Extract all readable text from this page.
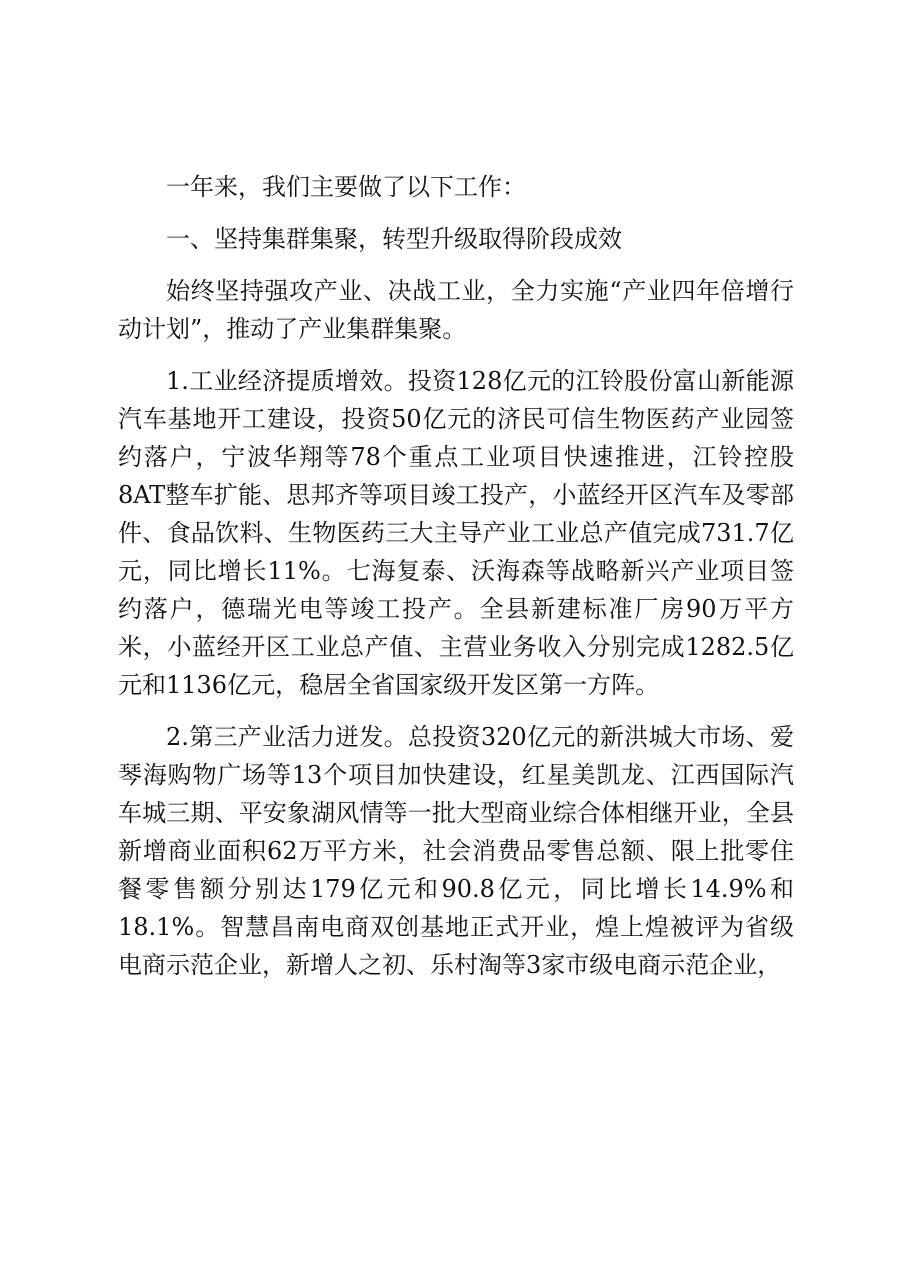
一年来，我们主要做了以下工作：

一、坚持集群集聚，转型升级取得阶段成效

始终坚持强攻产业、决战工业，全力实施“产业四年倍增行动计划”，推动了产业集群集聚。

1.工业经济提质增效。投资128亿元的江铃股份富山新能源汽车基地开工建设，投资50亿元的济民可信生物医药产业园签约落户，宁波华翔等78个重点工业项目快速推进，江铃控股8AT整车扩能、思邦齐等项目竣工投产，小蓝经开区汽车及零部件、食品饮料、生物医药三大主导产业工业总产值完成731.7亿元，同比增长11%。七海复泰、沃海森等战略新兴产业项目签约落户，德瑞光电等竣工投产。全县新建标准厂房90万平方米，小蓝经开区工业总产值、主营业务收入分别完成1282.5亿元和1136亿元，稳居全省国家级开发区第一方阵。

2.第三产业活力迸发。总投资320亿元的新洪城大市场、爱琴海购物广场等13个项目加快建设，红星美凯龙、江西国际汽车城三期、平安象湖风情等一批大型商业综合体相继开业，全县新增商业面积62万平方米，社会消费品零售总额、限上批零住餐零售额分别达179亿元和90.8亿元，同比增长14.9%和18.1%。智慧昌南电商双创基地正式开业，煌上煌被评为省级电商示范企业，新增人之初、乐村淘等3家市级电商示范企业，
